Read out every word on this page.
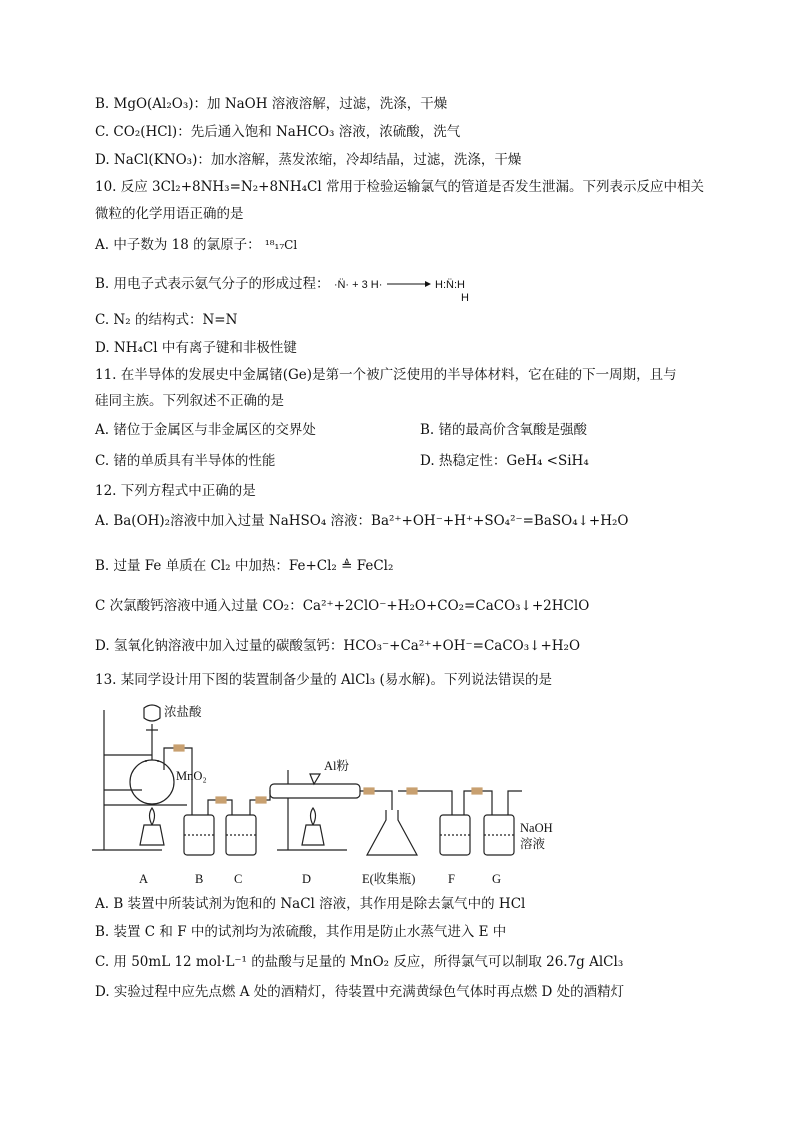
B. MgO(Al₂O₃)：加 NaOH 溶液溶解，过滤，洗涤，干燥
C. CO₂(HCl)：先后通入饱和 NaHCO₃ 溶液，浓硫酸，洗气
D. NaCl(KNO₃)：加水溶解，蒸发浓缩，冷却结晶，过滤，洗涤，干燥
10. 反应 3Cl₂+8NH₃=N₂+8NH₄Cl 常用于检验运输氯气的管道是否发生泄漏。下列表示反应中相关
微粒的化学用语正确的是
A. 中子数为 18 的氯原子： ¹⁸₁₇Cl
B. 用电子式表示氨气分子的形成过程： ·N̈· + 3 H·	H:N̈:H
H
C. N₂ 的结构式：N=N
D. NH₄Cl 中有离子键和非极性键
11. 在半导体的发展史中金属锗(Ge)是第一个被广泛使用的半导体材料，它在硅的下一周期，且与
硅同主族。下列叙述不正确的是
A. 锗位于金属区与非金属区的交界处	B. 锗的最高价含氧酸是强酸
C. 锗的单质具有半导体的性能	D. 热稳定性：GeH₄ <SiH₄
12. 下列方程式中正确的是
A. Ba(OH)₂溶液中加入过量 NaHSO₄ 溶液：Ba²⁺+OH⁻+H⁺+SO₄²⁻=BaSO₄↓+H₂O
B. 过量 Fe 单质在 Cl₂ 中加热：Fe+Cl₂ ≜ FeCl₂
C 次氯酸钙溶液中通入过量 CO₂：Ca²⁺+2ClO⁻+H₂O+CO₂=CaCO₃↓+2HClO
D. 氢氧化钠溶液中加入过量的碳酸氢钙：HCO₃⁻+Ca²⁺+OH⁻=CaCO₃↓+H₂O
13. 某同学设计用下图的装置制备少量的 AlCl₃ (易水解)。下列说法错误的是
浓盐酸
MnO₂
Al粉
NaOH
溶液
A	B C	D	E(收集瓶)	F	G
A. B 装置中所装试剂为饱和的 NaCl 溶液，其作用是除去氯气中的 HCl
B. 装置 C 和 F 中的试剂均为浓硫酸，其作用是防止水蒸气进入 E 中
C. 用 50mL 12 mol·L⁻¹ 的盐酸与足量的 MnO₂ 反应，所得氯气可以制取 26.7g AlCl₃
D. 实验过程中应先点燃 A 处的酒精灯，待装置中充满黄绿色气体时再点燃 D 处的酒精灯
